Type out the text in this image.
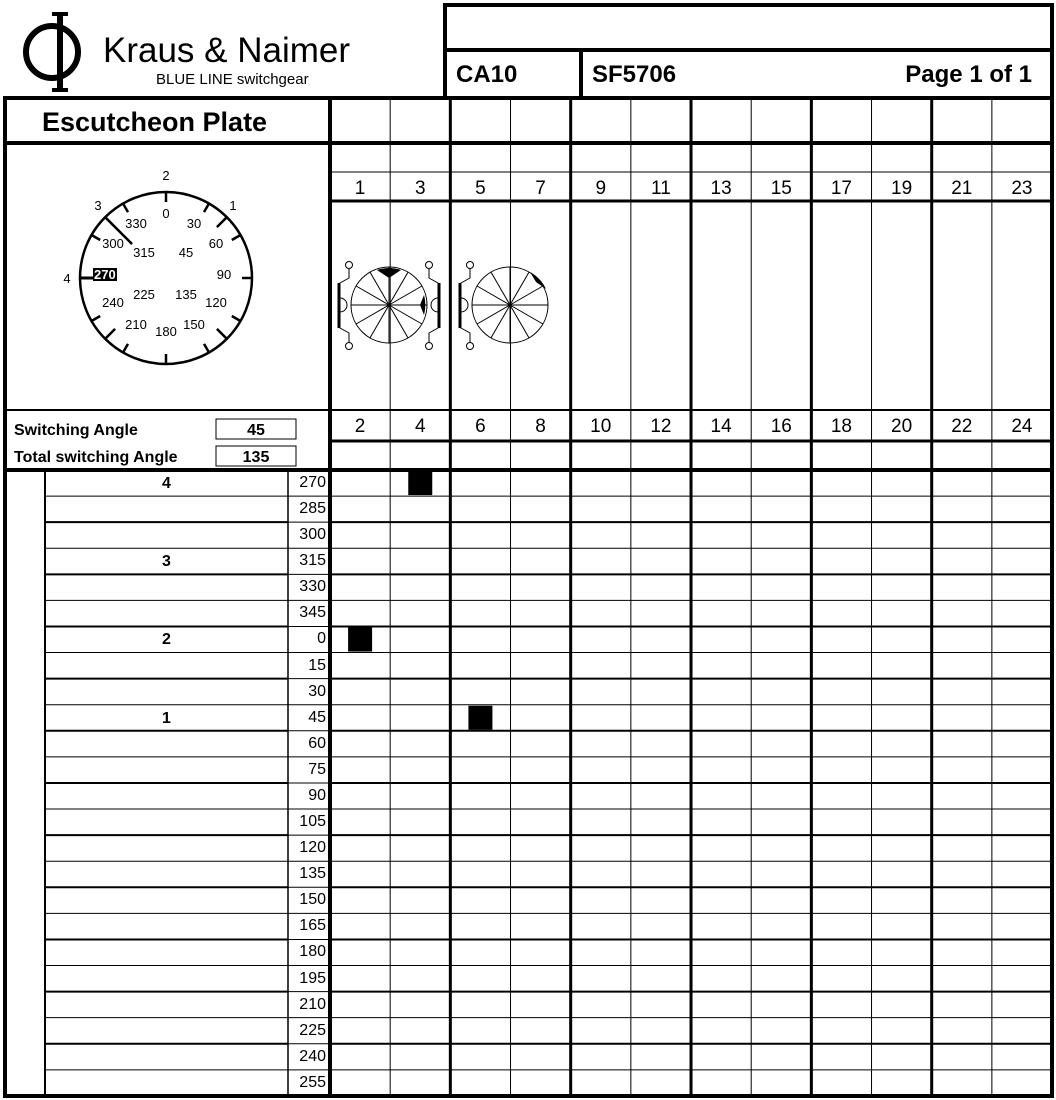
Kraus & Naimer
BLUE LINE switchgear	CA10	SF5706	Page 1 of 1
Escutcheon Plate
0
30
60
90
120
150
180
210
240
270
300
315
330
45
135
225
2
1
4
3
1	3	5	7	9	11	13	15	17	19	21	23
2	4	6	8	10	12	14	16	18	20	22	24
Switching Angle	45
Total switching Angle	135
4	270
285
300
3	315
330
345
2	0
15
30
1	45
60
75
90
105
120
135
150
165
180
195
210
225
240
255
